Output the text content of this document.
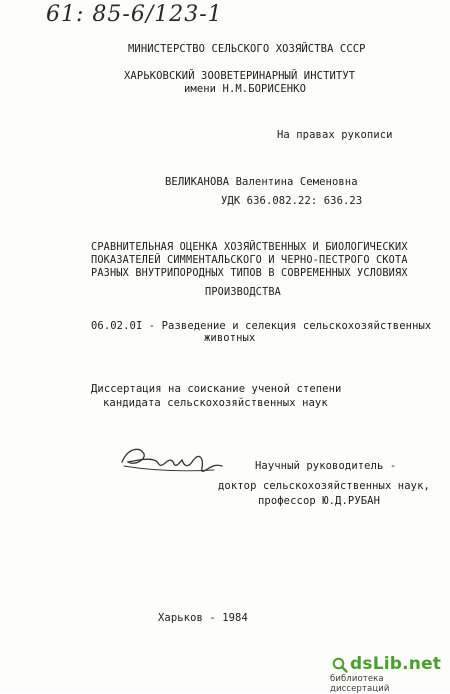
61: 85-6/123-1
МИНИСТЕРСТВО СЕЛЬСКОГО ХОЗЯЙСТВА СССР
ХАРЬКОВСКИЙ ЗООВЕТЕРИНАРНЫЙ ИНСТИТУТ
имени Н.М.БОРИСЕНКО
На правах рукописи
ВЕЛИКАНОВА Валентина Семеновна
УДК 636.082.22: 636.23
СРАВНИТЕЛЬНАЯ ОЦЕНКА ХОЗЯЙСТВЕННЫХ И БИОЛОГИЧЕСКИХ
ПОКАЗАТЕЛЕЙ СИММЕНТАЛЬСКОГО И ЧЕРНО-ПЕСТРОГО СКОТА
РАЗНЫХ ВНУТРИПОРОДНЫХ ТИПОВ В СОВРЕМЕННЫХ УСЛОВИЯХ
ПРОИЗВОДСТВА
06.02.0I - Разведение и селекция сельскохозяйственных
животных
Диссертация на соискание ученой степени
кандидата сельскохозяйственных наук
Научный руководитель -
доктор сельскохозяйственных наук,
профессор Ю.Д.РУБАН
Харьков - 1984
dsLib.net
библиотека диссертаций
